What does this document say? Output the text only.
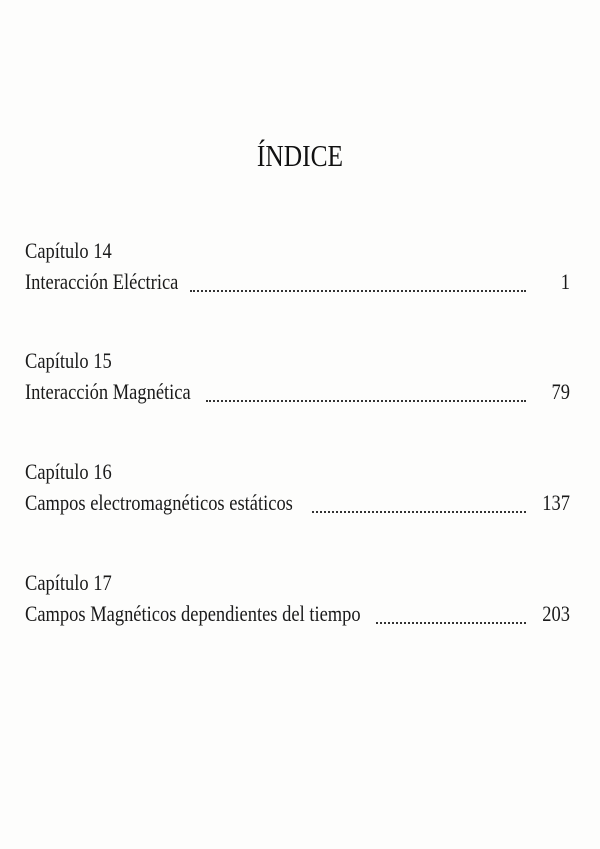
ÍNDICE
Capítulo 14
Interacción Eléctrica	1
Capítulo 15
Interacción Magnética	79
Capítulo 16
Campos electromagnéticos estáticos	137
Capítulo 17
Campos Magnéticos dependientes del tiempo	203
